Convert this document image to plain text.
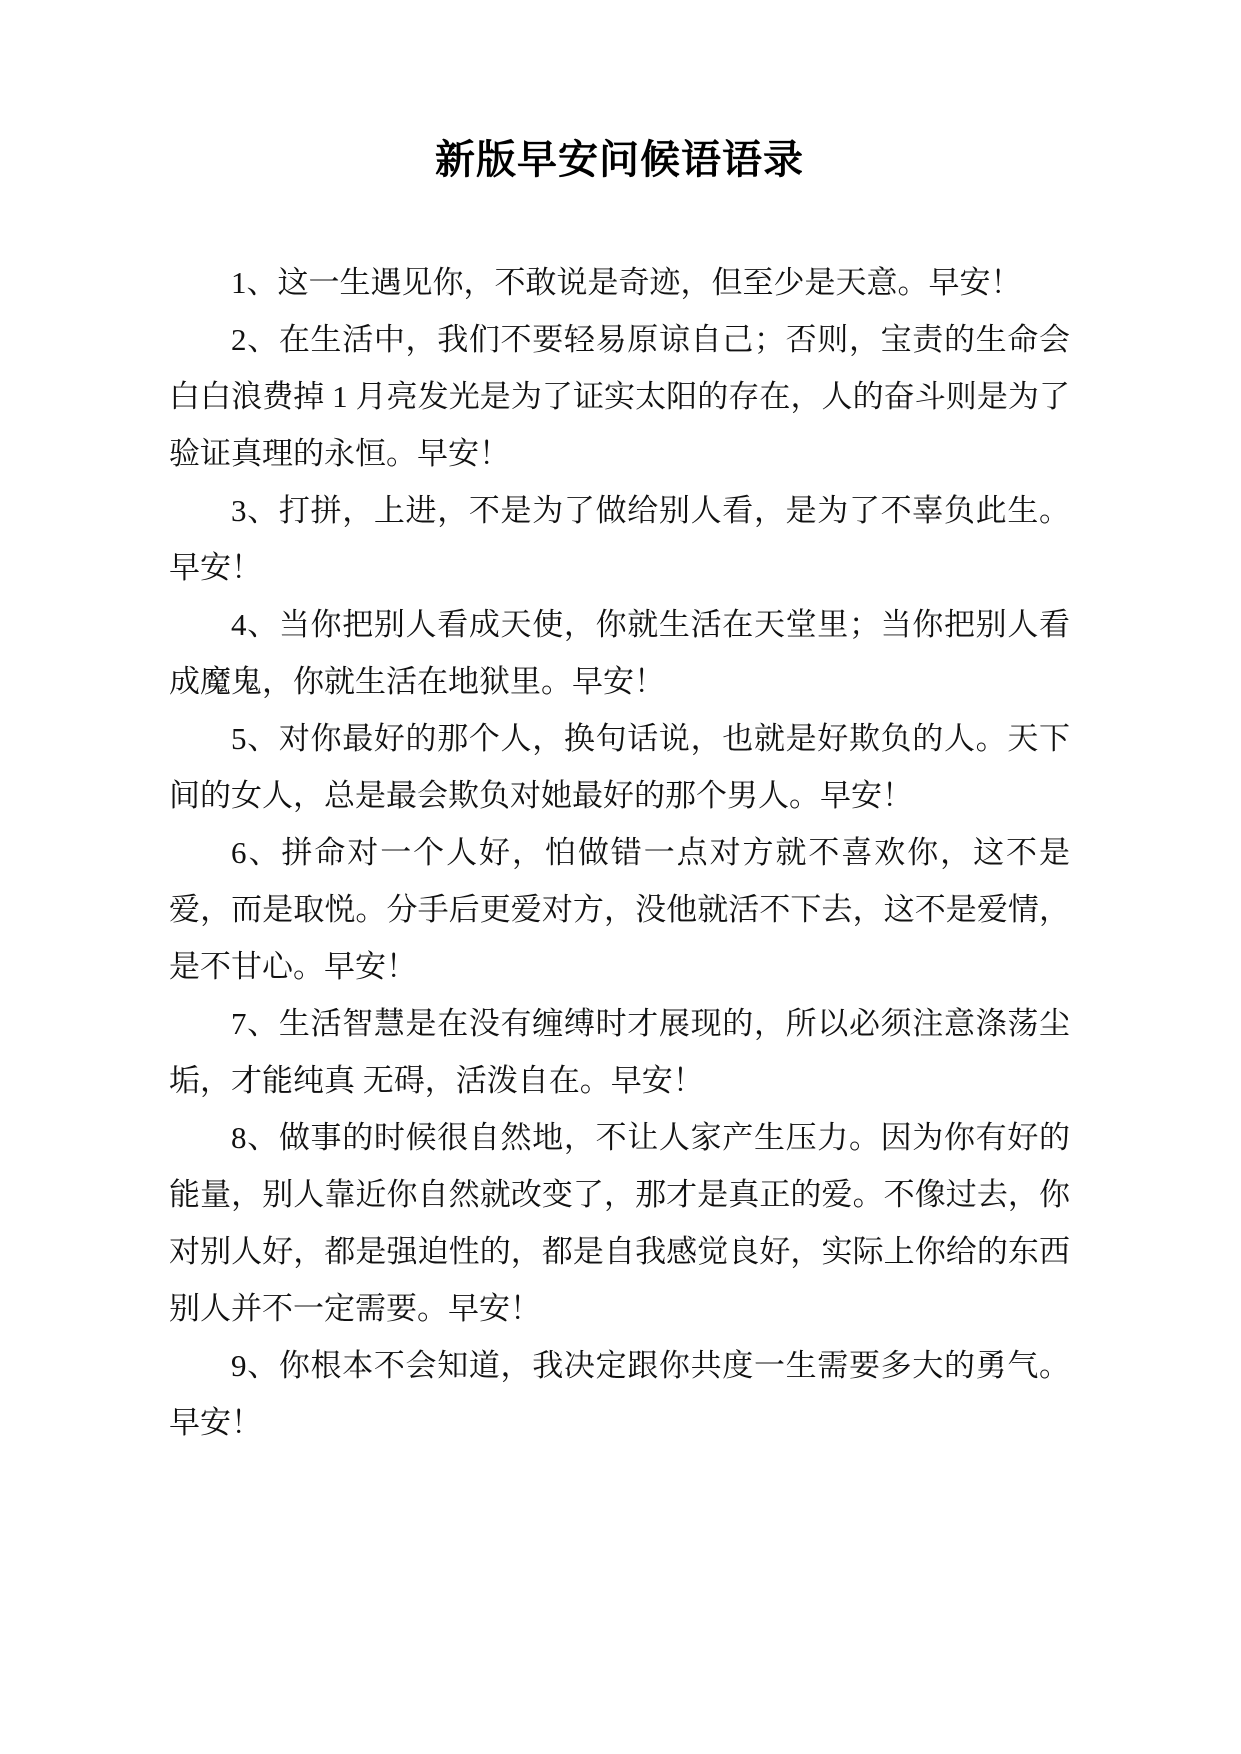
新版早安问候语语录

1、这一生遇见你，不敢说是奇迹，但至少是天意。早安！

2、在生活中，我们不要轻易原谅自己；否则，宝责的生命会白白浪费掉 1 月亮发光是为了证实太阳的存在，人的奋斗则是为了验证真理的永恒。早安！

3、打拼，上进，不是为了做给别人看，是为了不辜负此生。早安！

4、当你把别人看成天使，你就生活在天堂里；当你把别人看成魔鬼，你就生活在地狱里。早安！

5、对你最好的那个人，换句话说，也就是好欺负的人。天下间的女人，总是最会欺负对她最好的那个男人。早安！

6、拼命对一个人好，怕做错一点对方就不喜欢你，这不是爱，而是取悦。分手后更爱对方，没他就活不下去，这不是爱情，是不甘心。早安！

7、生活智慧是在没有缠缚时才展现的，所以必须注意涤荡尘垢，才能纯真 无碍，活泼自在。早安！

8、做事的时候很自然地，不让人家产生压力。因为你有好的能量，别人靠近你自然就改变了，那才是真正的爱。不像过去，你对别人好，都是强迫性的，都是自我感觉良好，实际上你给的东西别人并不一定需要。早安！

9、你根本不会知道，我决定跟你共度一生需要多大的勇气。早安！
